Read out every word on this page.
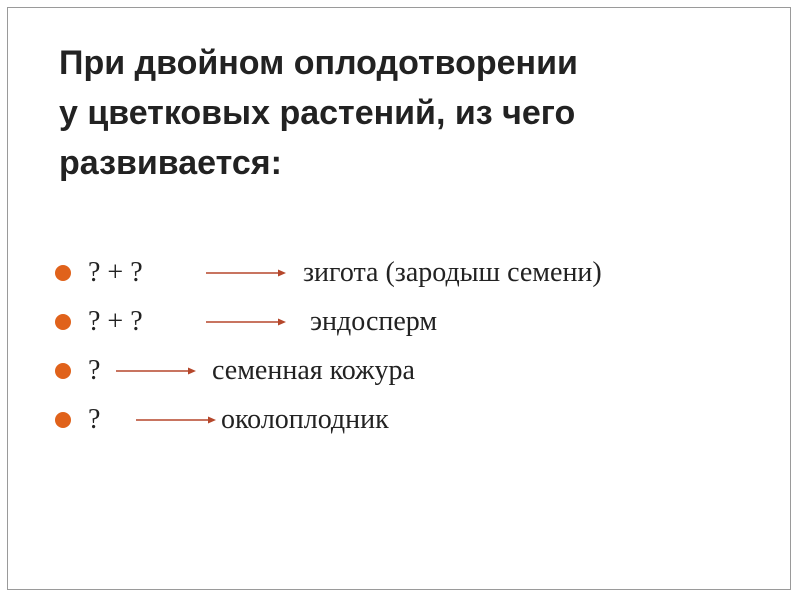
При двойном оплодотворении
у цветковых растений, из чего
развивается:
? + ?	зигота (зародыш семени)
? + ?	эндосперм
?	семенная кожура
?	околоплодник
